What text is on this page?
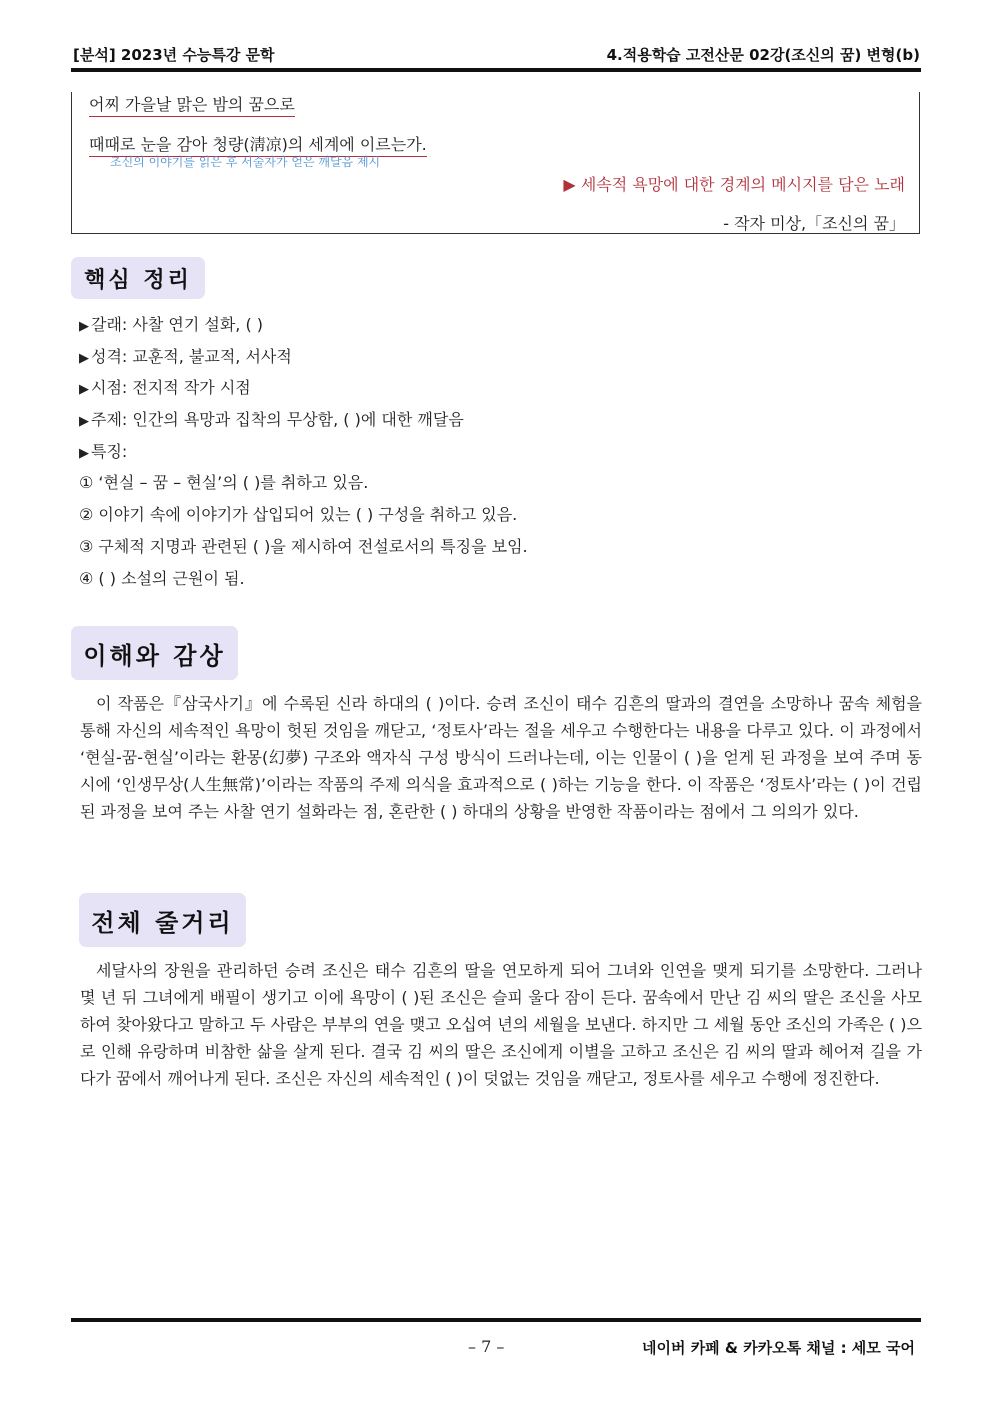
[분석] 2023년 수능특강 문학	4.적용학습 고전산문 02강(조신의 꿈) 변형(b)
어찌 가을날 맑은 밤의 꿈으로
때때로 눈을 감아 청량(淸凉)의 세계에 이르는가.
조신의 이야기를 읽은 후 서술자가 얻은 깨달음 제시
▶ 세속적 욕망에 대한 경계의 메시지를 담은 노래
- 작자 미상,「조신의 꿈」
핵심 정리
▶ 갈래: 사찰 연기 설화, ( )
▶ 성격: 교훈적, 불교적, 서사적
▶ 시점: 전지적 작가 시점
▶ 주제: 인간의 욕망과 집착의 무상함, ( )에 대한 깨달음
▶ 특징:
① ‘현실 – 꿈 – 현실’의 ( )를 취하고 있음.
② 이야기 속에 이야기가 삽입되어 있는 ( ) 구성을 취하고 있음.
③ 구체적 지명과 관련된 ( )을 제시하여 전설로서의 특징을 보임.
④ ( ) 소설의 근원이 됨.
이해와 감상

이 작품은『삼국사기』에 수록된 신라 하대의 ( )이다. 승려 조신이 태수 김흔의 딸과의 결연을 소망하나 꿈속 체험을 통해 자신의 세속적인 욕망이 헛된 것임을 깨닫고, ‘정토사’라는 절을 세우고 수행한다는 내용을 다루고 있다. 이 과정에서 ‘현실-꿈-현실’이라는 환몽(幻夢) 구조와 액자식 구성 방식이 드러나는데, 이는 인물이 ( )을 얻게 된 과정을 보여 주며 동시에 ‘인생무상(人生無常)’이라는 작품의 주제 의식을 효과적으로 ( )하는 기능을 한다. 이 작품은 ‘정토사’라는 ( )이 건립된 과정을 보여 주는 사찰 연기 설화라는 점, 혼란한 ( ) 하대의 상황을 반영한 작품이라는 점에서 그 의의가 있다.

전체 줄거리

세달사의 장원을 관리하던 승려 조신은 태수 김흔의 딸을 연모하게 되어 그녀와 인연을 맺게 되기를 소망한다. 그러나 몇 년 뒤 그녀에게 배필이 생기고 이에 욕망이 ( )된 조신은 슬피 울다 잠이 든다. 꿈속에서 만난 김 씨의 딸은 조신을 사모하여 찾아왔다고 말하고 두 사람은 부부의 연을 맺고 오십여 년의 세월을 보낸다. 하지만 그 세월 동안 조신의 가족은 ( )으로 인해 유랑하며 비참한 삶을 살게 된다. 결국 김 씨의 딸은 조신에게 이별을 고하고 조신은 김 씨의 딸과 헤어져 길을 가다가 꿈에서 깨어나게 된다. 조신은 자신의 세속적인 ( )이 덧없는 것임을 깨닫고, 정토사를 세우고 수행에 정진한다.

– 7 –	네이버 카페 & 카카오톡 채널 : 세모 국어
